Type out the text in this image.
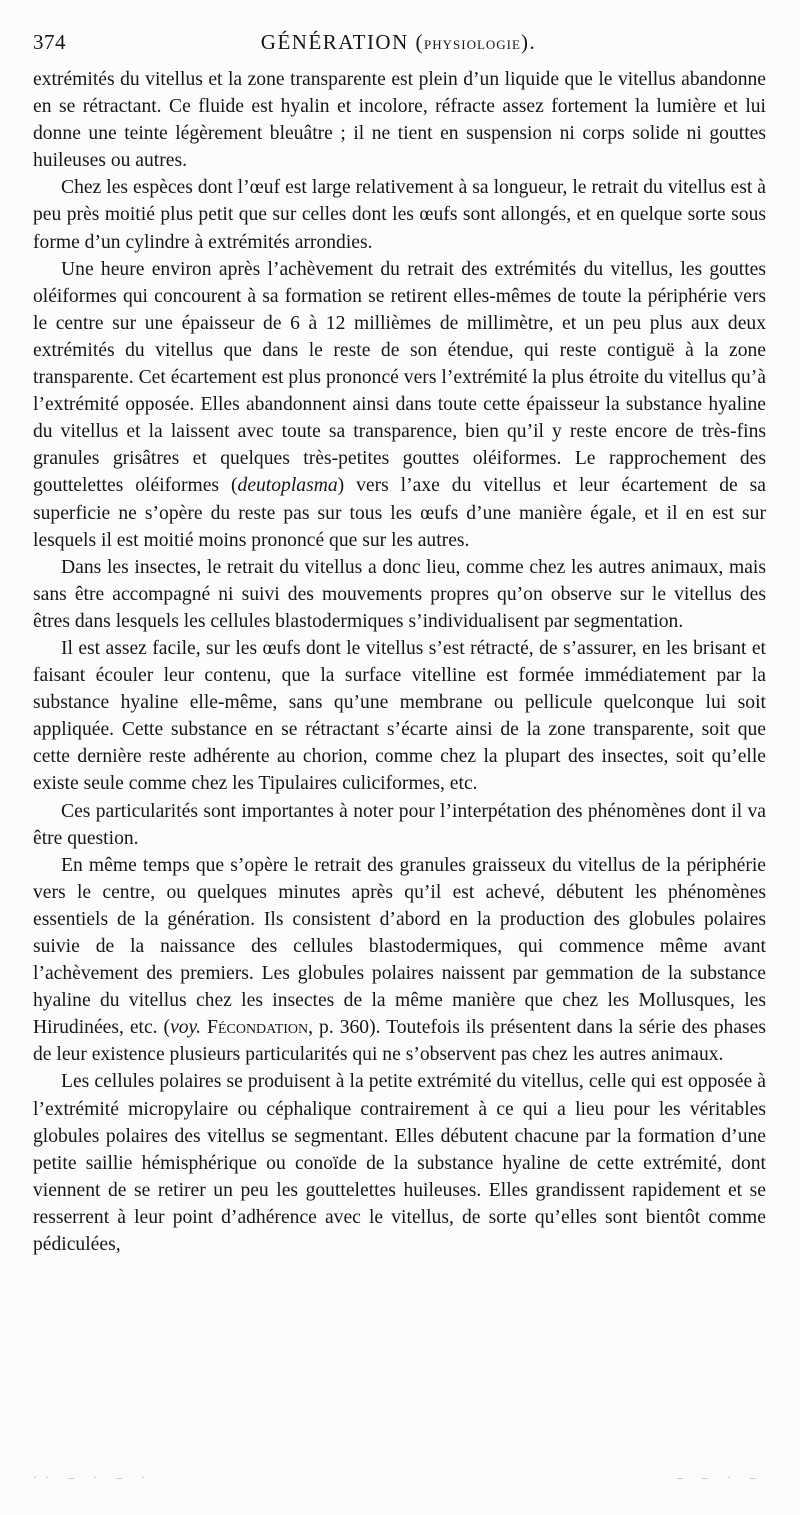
374	GÉNÉRATION (PHYSIOLOGIE).

extrémités du vitellus et la zone transparente est plein d’un liquide que le vitellus abandonne en se rétractant. Ce fluide est hyalin et incolore, réfracte assez fortement la lumière et lui donne une teinte légèrement bleuâtre ; il ne tient en suspension ni corps solide ni gouttes huileuses ou autres.

Chez les espèces dont l’œuf est large relativement à sa longueur, le retrait du vitellus est à peu près moitié plus petit que sur celles dont les œufs sont allongés, et en quelque sorte sous forme d’un cylindre à extrémités arrondies.

Une heure environ après l’achèvement du retrait des extrémités du vitellus, les gouttes oléiformes qui concourent à sa formation se retirent elles-mêmes de toute la périphérie vers le centre sur une épaisseur de 6 à 12 millièmes de millimètre, et un peu plus aux deux extrémités du vitellus que dans le reste de son étendue, qui reste contiguë à la zone transparente. Cet écartement est plus prononcé vers l’extrémité la plus étroite du vitellus qu’à l’extrémité opposée. Elles abandonnent ainsi dans toute cette épaisseur la substance hyaline du vitellus et la laissent avec toute sa transparence, bien qu’il y reste encore de très-fins granules grisâtres et quelques très-petites gouttes oléiformes. Le rapprochement des gouttelettes oléiformes (deutoplasma) vers l’axe du vitellus et leur écartement de sa superficie ne s’opère du reste pas sur tous les œufs d’une manière égale, et il en est sur lesquels il est moitié moins prononcé que sur les autres.

Dans les insectes, le retrait du vitellus a donc lieu, comme chez les autres animaux, mais sans être accompagné ni suivi des mouvements propres qu’on observe sur le vitellus des êtres dans lesquels les cellules blastodermiques s’individualisent par segmentation.

Il est assez facile, sur les œufs dont le vitellus s’est rétracté, de s’assurer, en les brisant et faisant écouler leur contenu, que la surface vitelline est formée immédiatement par la substance hyaline elle-même, sans qu’une membrane ou pellicule quelconque lui soit appliquée. Cette substance en se rétractant s’écarte ainsi de la zone transparente, soit que cette dernière reste adhérente au chorion, comme chez la plupart des insectes, soit qu’elle existe seule comme chez les Tipulaires culiciformes, etc.

Ces particularités sont importantes à noter pour l’interpétation des phénomènes dont il va être question.

En même temps que s’opère le retrait des granules graisseux du vitellus de la périphérie vers le centre, ou quelques minutes après qu’il est achevé, débutent les phénomènes essentiels de la génération. Ils consistent d’abord en la production des globules polaires suivie de la naissance des cellules blastodermiques, qui commence même avant l’achèvement des premiers. Les globules polaires naissent par gemmation de la substance hyaline du vitellus chez les insectes de la même manière que chez les Mollusques, les Hirudinées, etc. (voy. Fécondation, p. 360). Toutefois ils présentent dans la série des phases de leur existence plusieurs particularités qui ne s’observent pas chez les autres animaux.

Les cellules polaires se produisent à la petite extrémité du vitellus, celle qui est opposée à l’extrémité micropylaire ou céphalique contrairement à ce qui a lieu pour les véritables globules polaires des vitellus se segmentant. Elles débutent chacune par la formation d’une petite saillie hémisphérique ou conoïde de la substance hyaline de cette extrémité, dont viennent de se retirer un peu les gouttelettes huileuses. Elles grandissent rapidement et se resserrent à leur point d’adhérence avec le vitellus, de sorte qu’elles sont bientôt comme pédiculées,

·· – · – ·	– – · –
